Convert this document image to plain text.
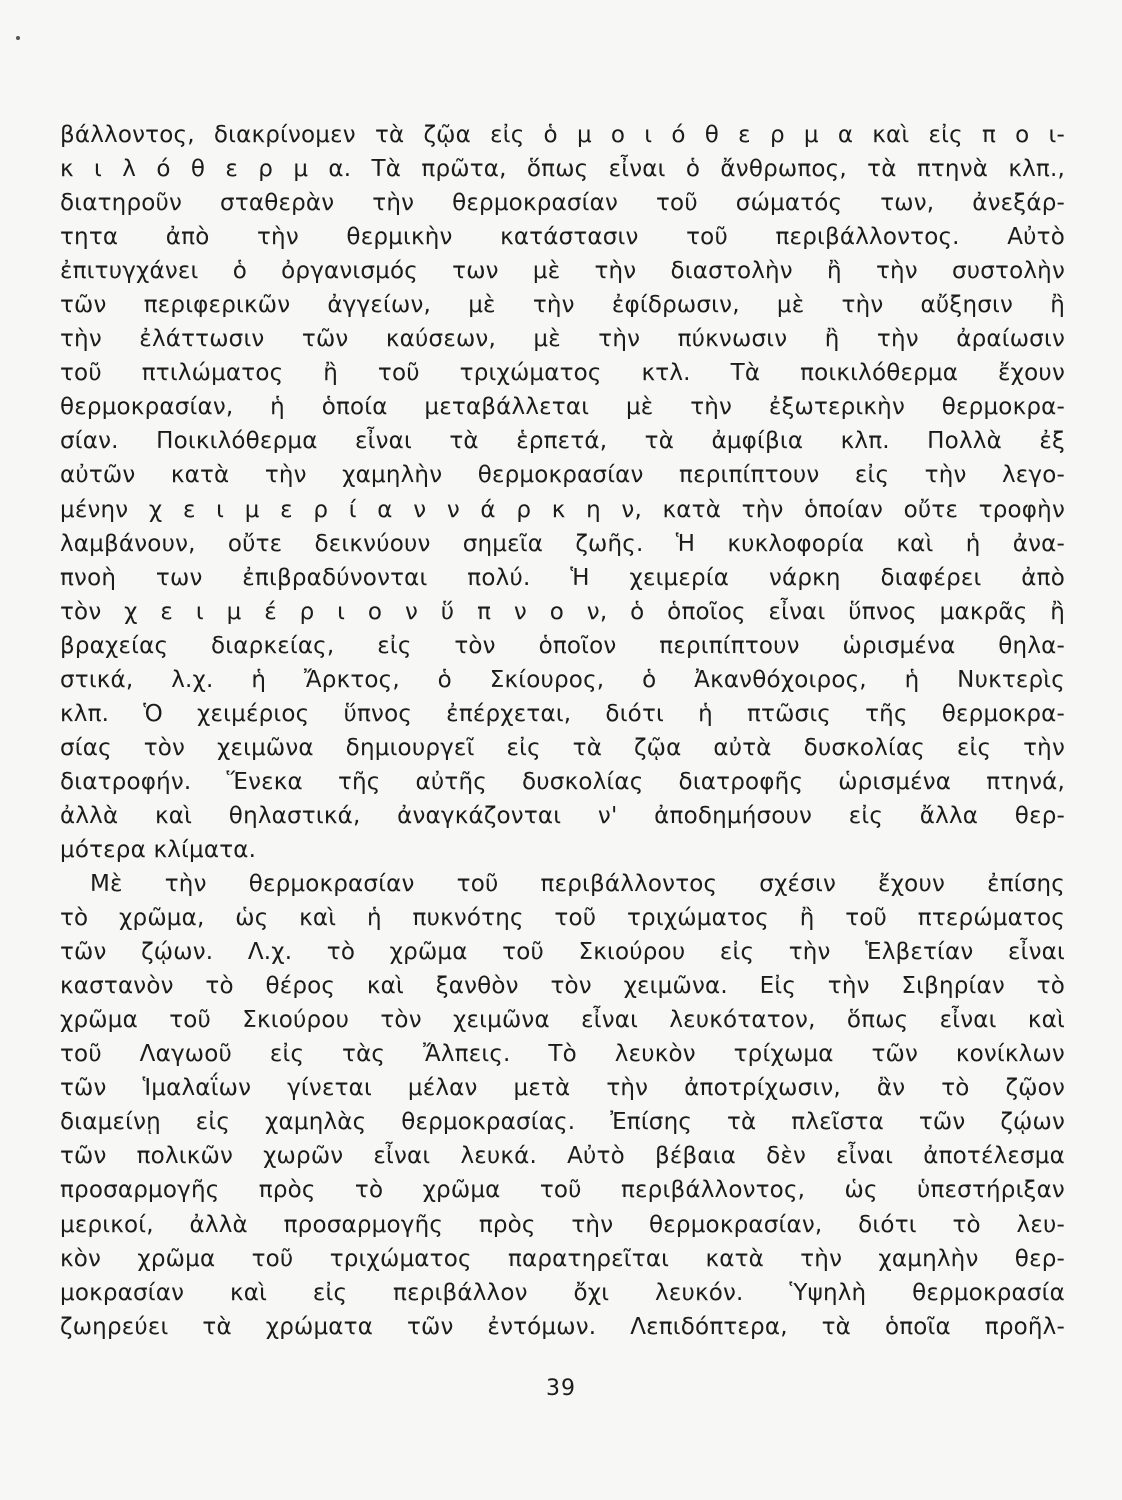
βάλλοντος, διακρίνομεν τὰ ζῷα εἰς ὁ μ ο ι ό θ ε ρ μ α καὶ εἰς π ο ι-
κ ι λ ό θ ε ρ μ α. Τὰ πρῶτα, ὅπως εἶναι ὁ ἄνθρωπος, τὰ πτηνὰ κλπ.,
διατηροῦν σταθερὰν τὴν θερμοκρασίαν τοῦ σώματός των, ἀνεξάρ-
τητα ἀπὸ τὴν θερμικὴν κατάστασιν τοῦ περιβάλλοντος. Αὐτὸ
ἐπιτυγχάνει ὁ ὀργανισμός των μὲ τὴν διαστολὴν ἢ τὴν συστολὴν
τῶν περιφερικῶν ἀγγείων, μὲ τὴν ἐφίδρωσιν, μὲ τὴν αὔξησιν ἢ
τὴν ἐλάττωσιν τῶν καύσεων, μὲ τὴν πύκνωσιν ἢ τὴν ἀραίωσιν
τοῦ πτιλώματος ἢ τοῦ τριχώματος κτλ. Τὰ ποικιλόθερμα ἔχουν
θερμοκρασίαν, ἡ ὁποία μεταβάλλεται μὲ τὴν ἐξωτερικὴν θερμοκρα-
σίαν. Ποικιλόθερμα εἶναι τὰ ἑρπετά, τὰ ἀμφίβια κλπ. Πολλὰ ἐξ
αὐτῶν κατὰ τὴν χαμηλὴν θερμοκρασίαν περιπίπτουν εἰς τὴν λεγο-
μένην χ ε ι μ ε ρ ί α ν ν ά ρ κ η ν, κατὰ τὴν ὁποίαν οὔτε τροφὴν
λαμβάνουν, οὔτε δεικνύουν σημεῖα ζωῆς. Ἡ κυκλοφορία καὶ ἡ ἀνα-
πνοὴ των ἐπιβραδύνονται πολύ. Ἡ χειμερία νάρκη διαφέρει ἀπὸ
τὸν χ ε ι μ έ ρ ι ο ν ὕ π ν ο ν, ὁ ὁποῖος εἶναι ὕπνος μακρᾶς ἢ
βραχείας διαρκείας, εἰς τὸν ὁποῖον περιπίπτουν ὡρισμένα θηλα-
στικά, λ.χ. ἡ Ἄρκτος, ὁ Σκίουρος, ὁ Ἀκανθόχοιρος, ἡ Νυκτερὶς
κλπ. Ὁ χειμέριος ὕπνος ἐπέρχεται, διότι ἡ πτῶσις τῆς θερμοκρα-
σίας τὸν χειμῶνα δημιουργεῖ εἰς τὰ ζῷα αὐτὰ δυσκολίας εἰς τὴν
διατροφήν. Ἕνεκα τῆς αὐτῆς δυσκολίας διατροφῆς ὡρισμένα πτηνά,
ἀλλὰ καὶ θηλαστικά, ἀναγκάζονται ν' ἀποδημήσουν εἰς ἄλλα θερ-
μότερα κλίματα.
Μὲ τὴν θερμοκρασίαν τοῦ περιβάλλοντος σχέσιν ἔχουν ἐπίσης
τὸ χρῶμα, ὡς καὶ ἡ πυκνότης τοῦ τριχώματος ἢ τοῦ πτερώματος
τῶν ζῴων. Λ.χ. τὸ χρῶμα τοῦ Σκιούρου εἰς τὴν Ἑλβετίαν εἶναι
καστανὸν τὸ θέρος καὶ ξανθὸν τὸν χειμῶνα. Εἰς τὴν Σιβηρίαν τὸ
χρῶμα τοῦ Σκιούρου τὸν χειμῶνα εἶναι λευκότατον, ὅπως εἶναι καὶ
τοῦ Λαγωοῦ εἰς τὰς Ἄλπεις. Τὸ λευκὸν τρίχωμα τῶν κονίκλων
τῶν Ἱμαλαΐων γίνεται μέλαν μετὰ τὴν ἀποτρίχωσιν, ἂν τὸ ζῷον
διαμείνῃ εἰς χαμηλὰς θερμοκρασίας. Ἐπίσης τὰ πλεῖστα τῶν ζῴων
τῶν πολικῶν χωρῶν εἶναι λευκά. Αὐτὸ βέβαια δὲν εἶναι ἀποτέλεσμα
προσαρμογῆς πρὸς τὸ χρῶμα τοῦ περιβάλλοντος, ὡς ὑπεστήριξαν
μερικοί, ἀλλὰ προσαρμογῆς πρὸς τὴν θερμοκρασίαν, διότι τὸ λευ-
κὸν χρῶμα τοῦ τριχώματος παρατηρεῖται κατὰ τὴν χαμηλὴν θερ-
μοκρασίαν καὶ εἰς περιβάλλον ὄχι λευκόν. Ὑψηλὴ θερμοκρασία
ζωηρεύει τὰ χρώματα τῶν ἐντόμων. Λεπιδόπτερα, τὰ ὁποῖα προῆλ-
39
